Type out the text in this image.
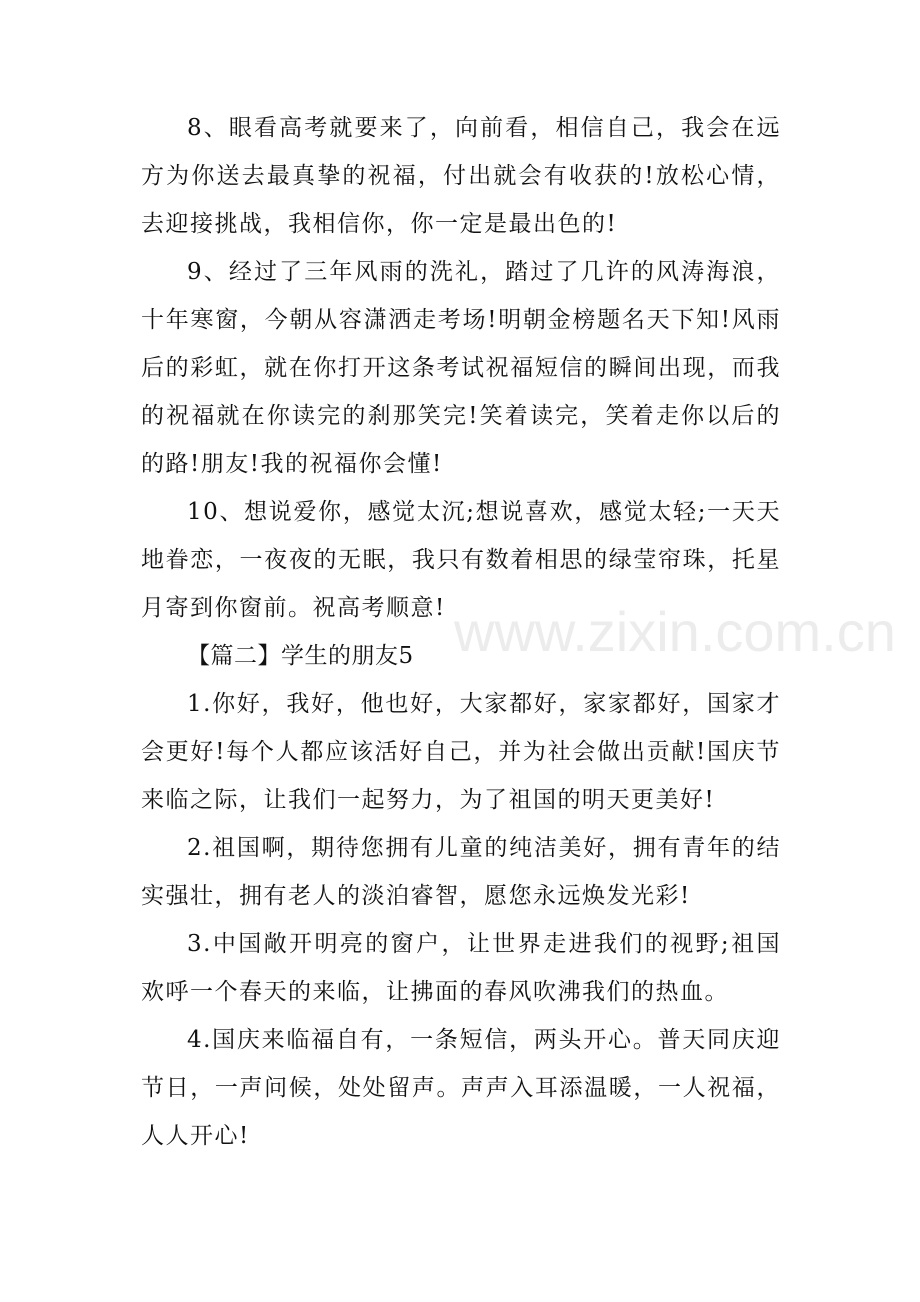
8、眼看高考就要来了，向前看，相信自己，我会在远方为你送去最真挚的祝福，付出就会有收获的!放松心情，去迎接挑战，我相信你，你一定是最出色的!

9、经过了三年风雨的洗礼，踏过了几许的风涛海浪，十年寒窗，今朝从容潇洒走考场!明朝金榜题名天下知!风雨后的彩虹，就在你打开这条考试祝福短信的瞬间出现，而我的祝福就在你读完的刹那笑完!笑着读完，笑着走你以后的的路!朋友!我的祝福你会懂!

10、想说爱你，感觉太沉;想说喜欢，感觉太轻;一天天地眷恋，一夜夜的无眠，我只有数着相思的绿莹帘珠，托星月寄到你窗前。祝高考顺意!

【篇二】学生的朋友5

1.你好，我好，他也好，大家都好，家家都好，国家才会更好!每个人都应该活好自己，并为社会做出贡献!国庆节来临之际，让我们一起努力，为了祖国的明天更美好!

2.祖国啊，期待您拥有儿童的纯洁美好，拥有青年的结实强壮，拥有老人的淡泊睿智，愿您永远焕发光彩!

3.中国敞开明亮的窗户，让世界走进我们的视野;祖国欢呼一个春天的来临，让拂面的春风吹沸我们的热血。

4.国庆来临福自有，一条短信，两头开心。普天同庆迎节日，一声问候，处处留声。声声入耳添温暖，一人祝福，人人开心!

www.zixin.com.cn
